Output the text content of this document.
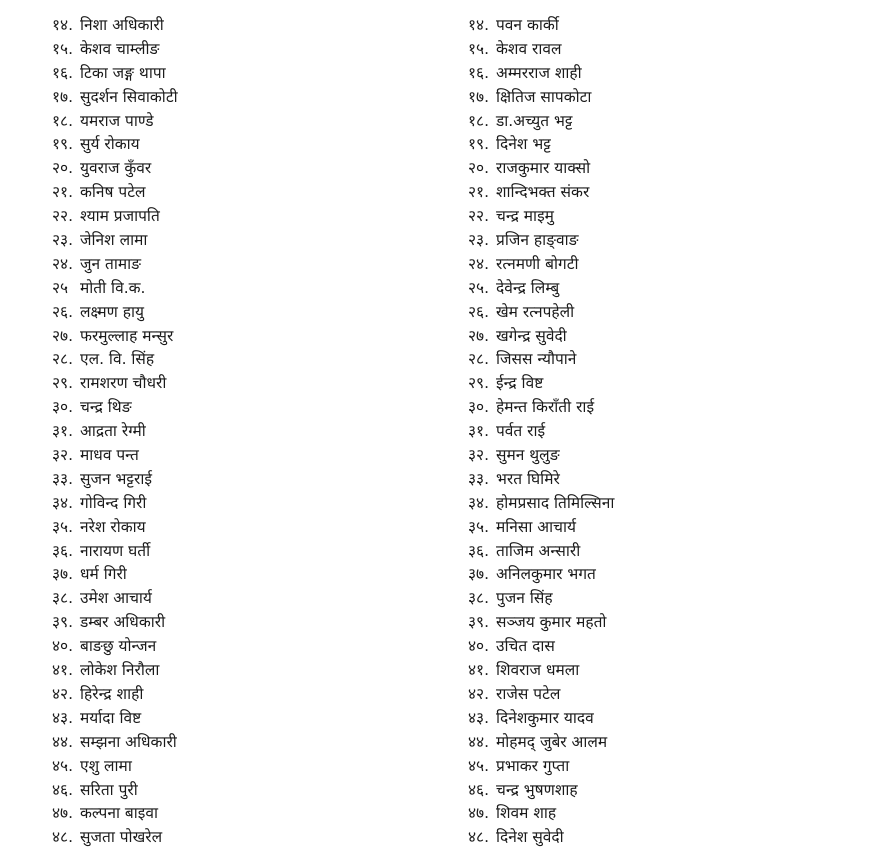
१४. निशा अधिकारी
१५. केशव चाम्लीङ
१६. टिका जङ्ग थापा
१७. सुदर्शन सिवाकोटी
१८. यमराज पाण्डे
१९. सुर्य रोकाय
२०. युवराज कुँवर
२१. कनिष पटेल
२२. श्याम प्रजापति
२३. जेनिश लामा
२४. जुन तामाङ
२५ मोती वि.क.
२६. लक्ष्मण हायु
२७. फरमुल्लाह मन्सुर
२८. एल. वि. सिंह
२९. रामशरण चौधरी
३०. चन्द्र थिङ
३१. आद्रता रेग्मी
३२. माधव पन्त
३३. सुजन भट्टराई
३४. गोविन्द गिरी
३५. नरेश रोकाय
३६. नारायण घर्ती
३७. धर्म गिरी
३८. उमेश आचार्य
३९. डम्बर अधिकारी
४०. बाङछु योन्जन
४१. लोकेश निरौला
४२. हिरेन्द्र शाही
४३. मर्यादा विष्ट
४४. सम्झना अधिकारी
४५. एशु लामा
४६. सरिता पुरी
४७. कल्पना बाइवा
४८. सुजता पोखरेल
१४. पवन कार्की
१५. केशव रावल
१६. अम्मरराज शाही
१७. क्षितिज सापकोटा
१८. डा.अच्युत भट्ट
१९. दिनेश भट्ट
२०. राजकुमार याक्सो
२१. शान्दिभक्त संकर
२२. चन्द्र माइमु
२३. प्रजिन हाङ्वाङ
२४. रत्नमणी बोगटी
२५. देवेन्द्र लिम्बु
२६. खेम रत्नपहेली
२७. खगेन्द्र सुवेदी
२८. जिसस न्यौपाने
२९. ईन्द्र विष्ट
३०. हेमन्त किराँती राई
३१. पर्वत राई
३२. सुमन थुलुङ
३३. भरत घिमिरे
३४. होमप्रसाद तिमिल्सिना
३५. मनिसा आचार्य
३६. ताजिम अन्सारी
३७. अनिलकुमार भगत
३८. पुजन सिंह
३९. सञ्जय कुमार महतो
४०. उचित दास
४१. शिवराज धमला
४२. राजेस पटेल
४३. दिनेशकुमार यादव
४४. मोहमद् जुबेर आलम
४५. प्रभाकर गुप्ता
४६. चन्द्र भुषणशाह
४७. शिवम शाह
४८. दिनेश सुवेदी
